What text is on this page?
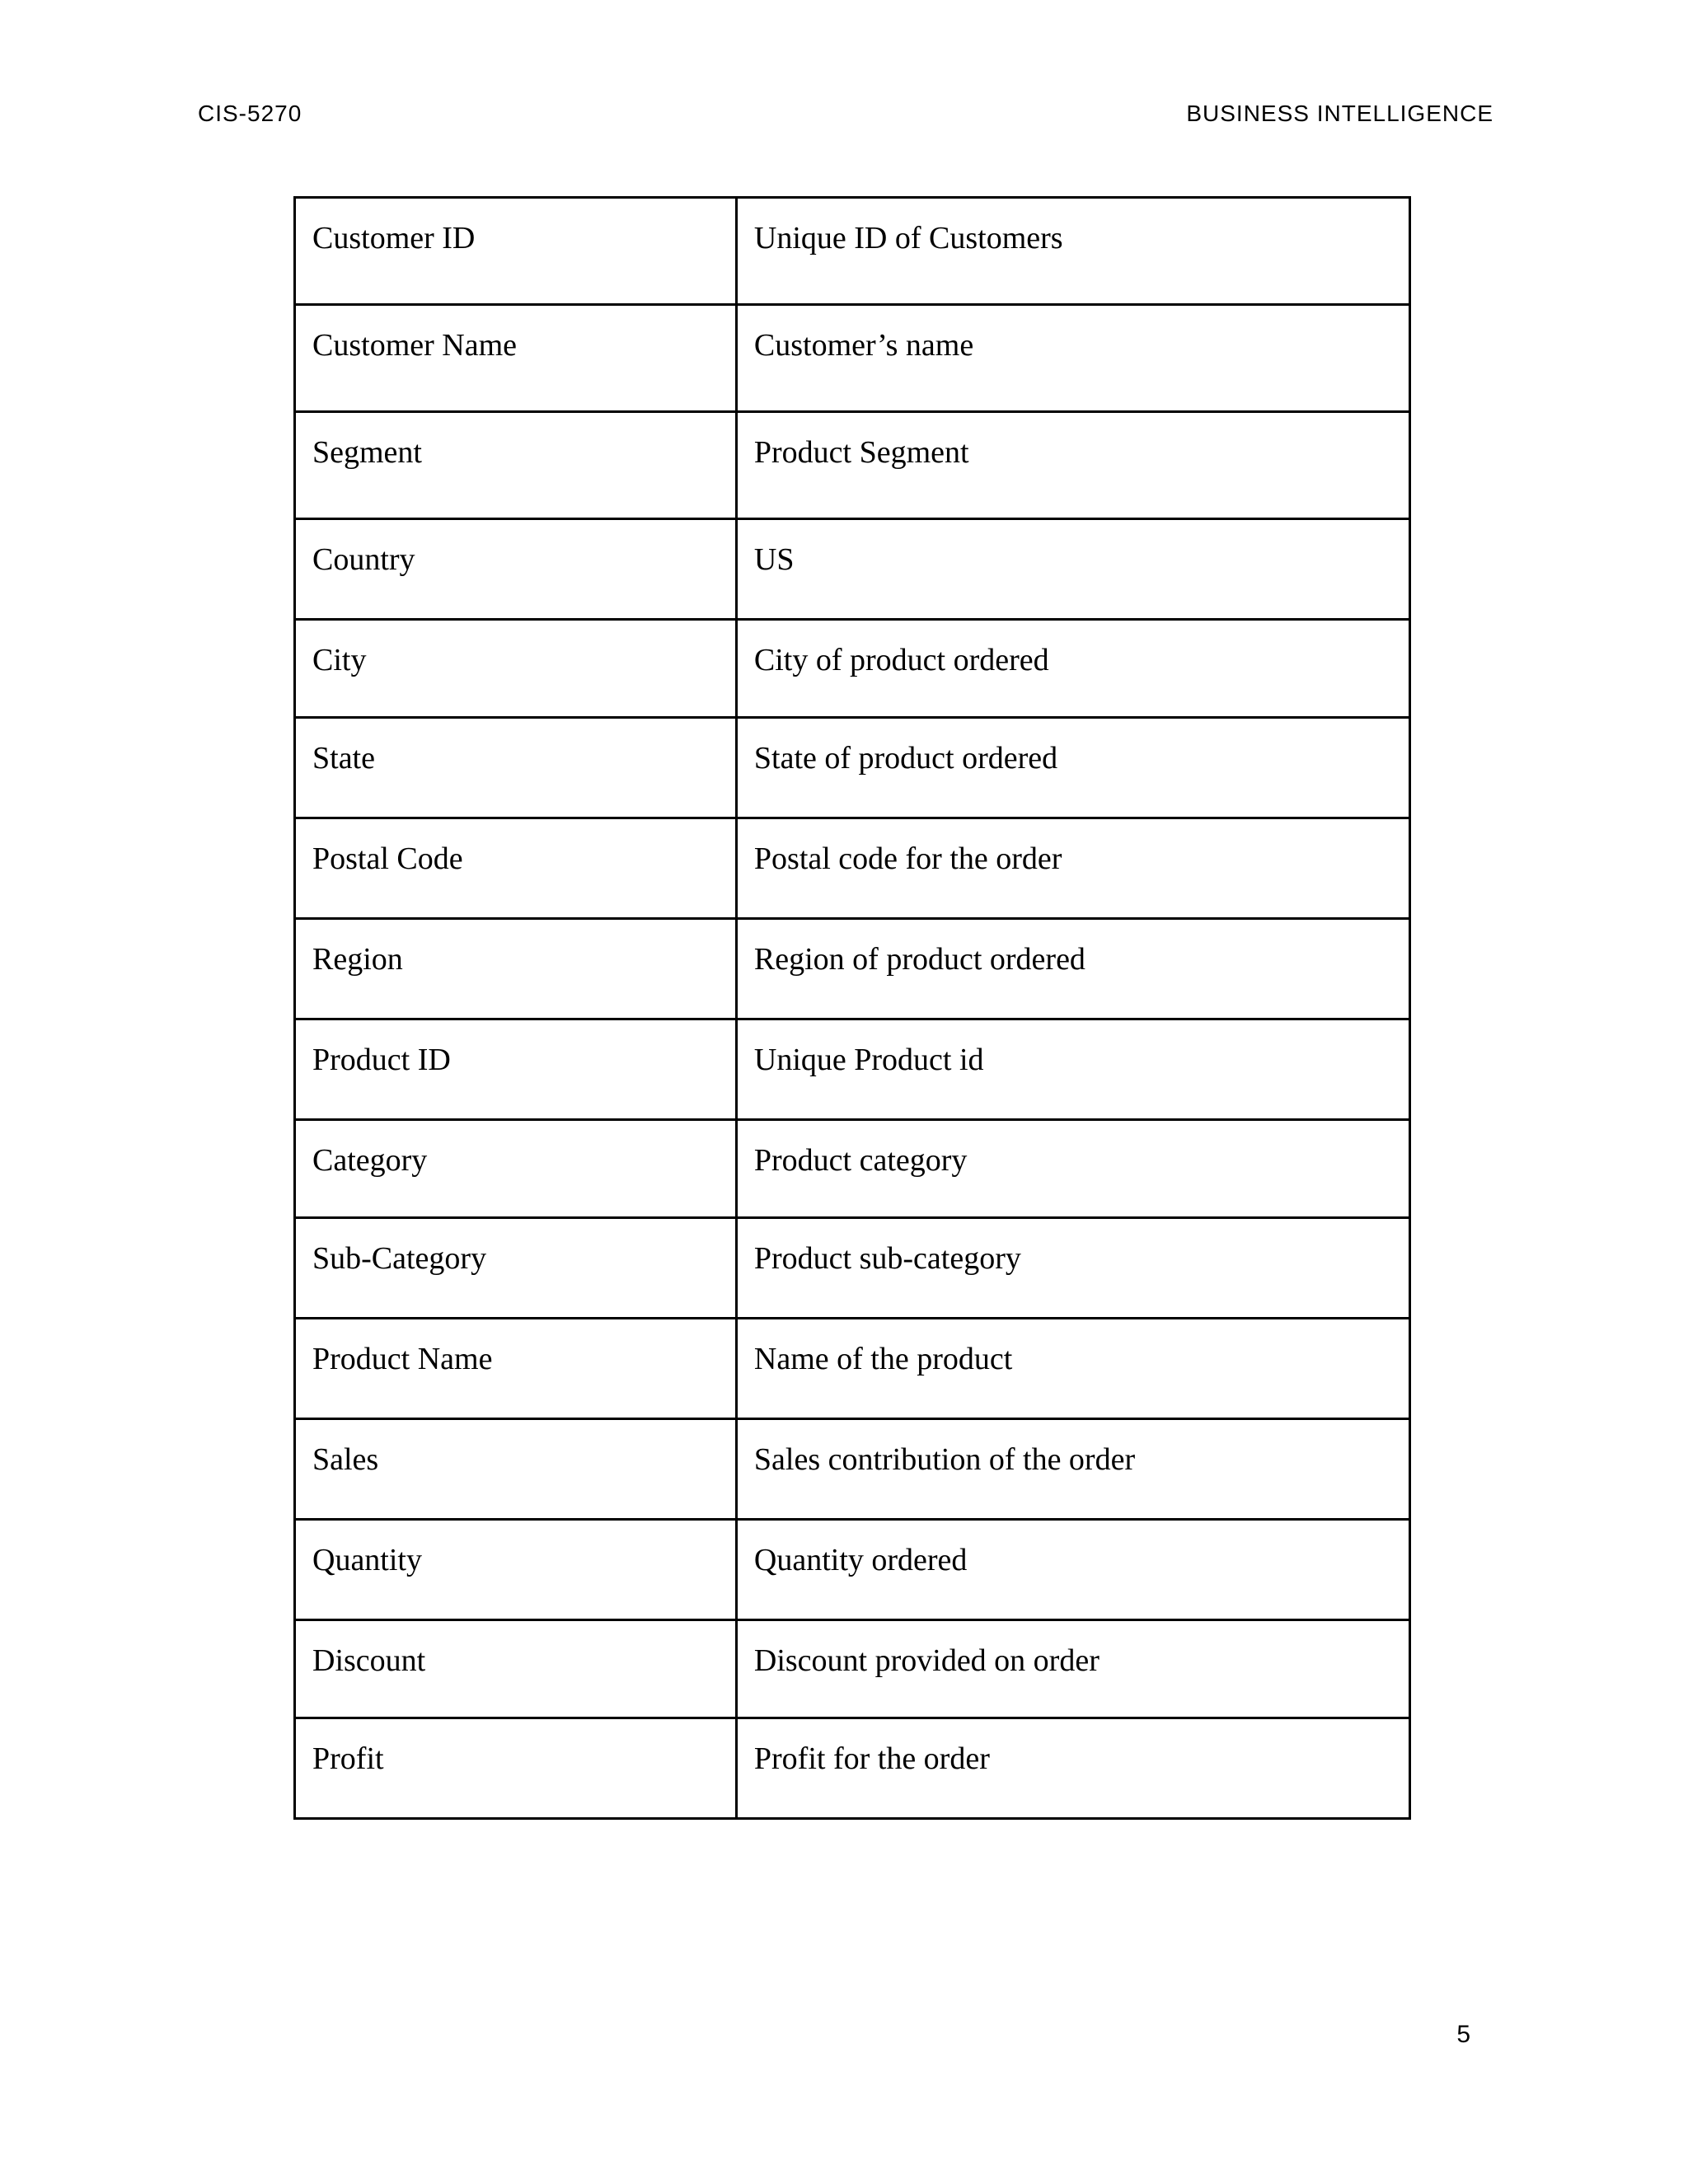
CIS-5270	BUSINESS INTELLIGENCE
Customer ID	Unique ID of Customers
Customer Name	Customer’s name
Segment	Product Segment
Country	US
City	City of product ordered
State	State of product ordered
Postal Code	Postal code for the order
Region	Region of product ordered
Product ID	Unique Product id
Category	Product category
Sub-Category	Product sub-category
Product Name	Name of the product
Sales	Sales contribution of the order
Quantity	Quantity ordered
Discount	Discount provided on order
Profit	Profit for the order
5
